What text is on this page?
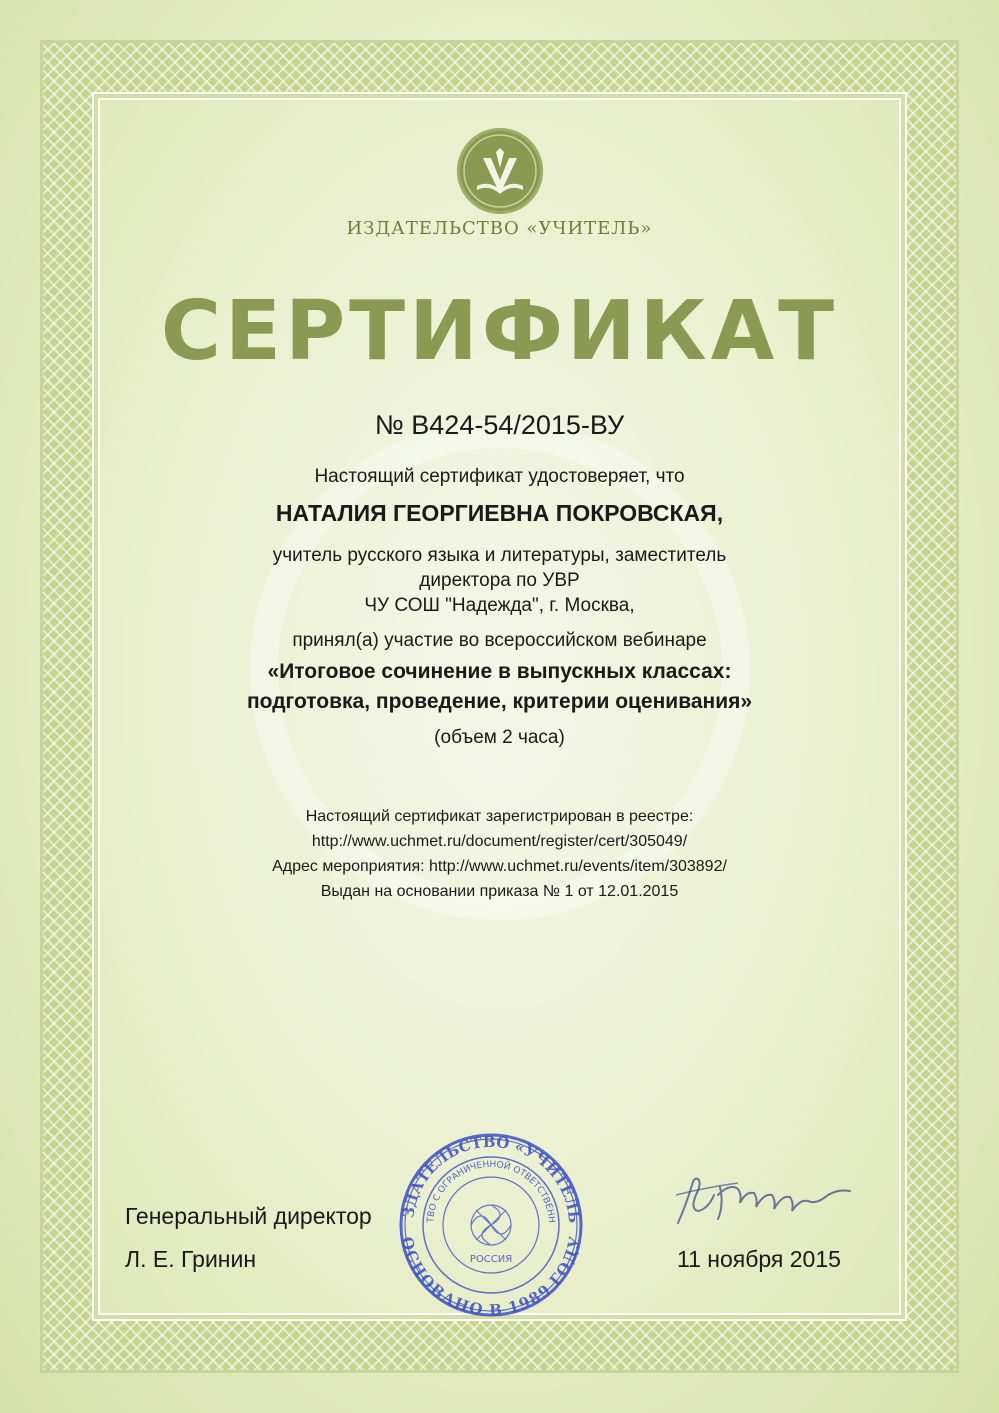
ИЗДАТЕЛЬСТВО «УЧИТЕЛЬ»
СЕРТИФИКАТ
№ В424-54/2015-ВУ
Настоящий сертификат удостоверяет, что
НАТАЛИЯ ГЕОРГИЕВНА ПОКРОВСКАЯ,
учитель русского языка и литературы, заместитель
директора по УВР
ЧУ СОШ "Надежда", г. Москва,
принял(а) участие во всероссийском вебинаре
«Итоговое сочинение в выпускных классах:
подготовка, проведение, критерии оценивания»
(объем 2 часа)
Настоящий сертификат зарегистрирован в реестре:
http://www.uchmet.ru/document/register/cert/305049/
Адрес мероприятия: http://www.uchmet.ru/events/item/303892/
Выдан на основании приказа № 1 от 12.01.2015
Генеральный директор
Л. Е. Гринин	11 ноября 2015
ЗДАТЕЛЬСТВО «УЧИТЕЛЬ
ТВО С ОГРАНИЧЕННОЙ ОТВЕТСТВЕНН
ОСНОВАНО В 1989 ГОДУ
РОССИЯ
